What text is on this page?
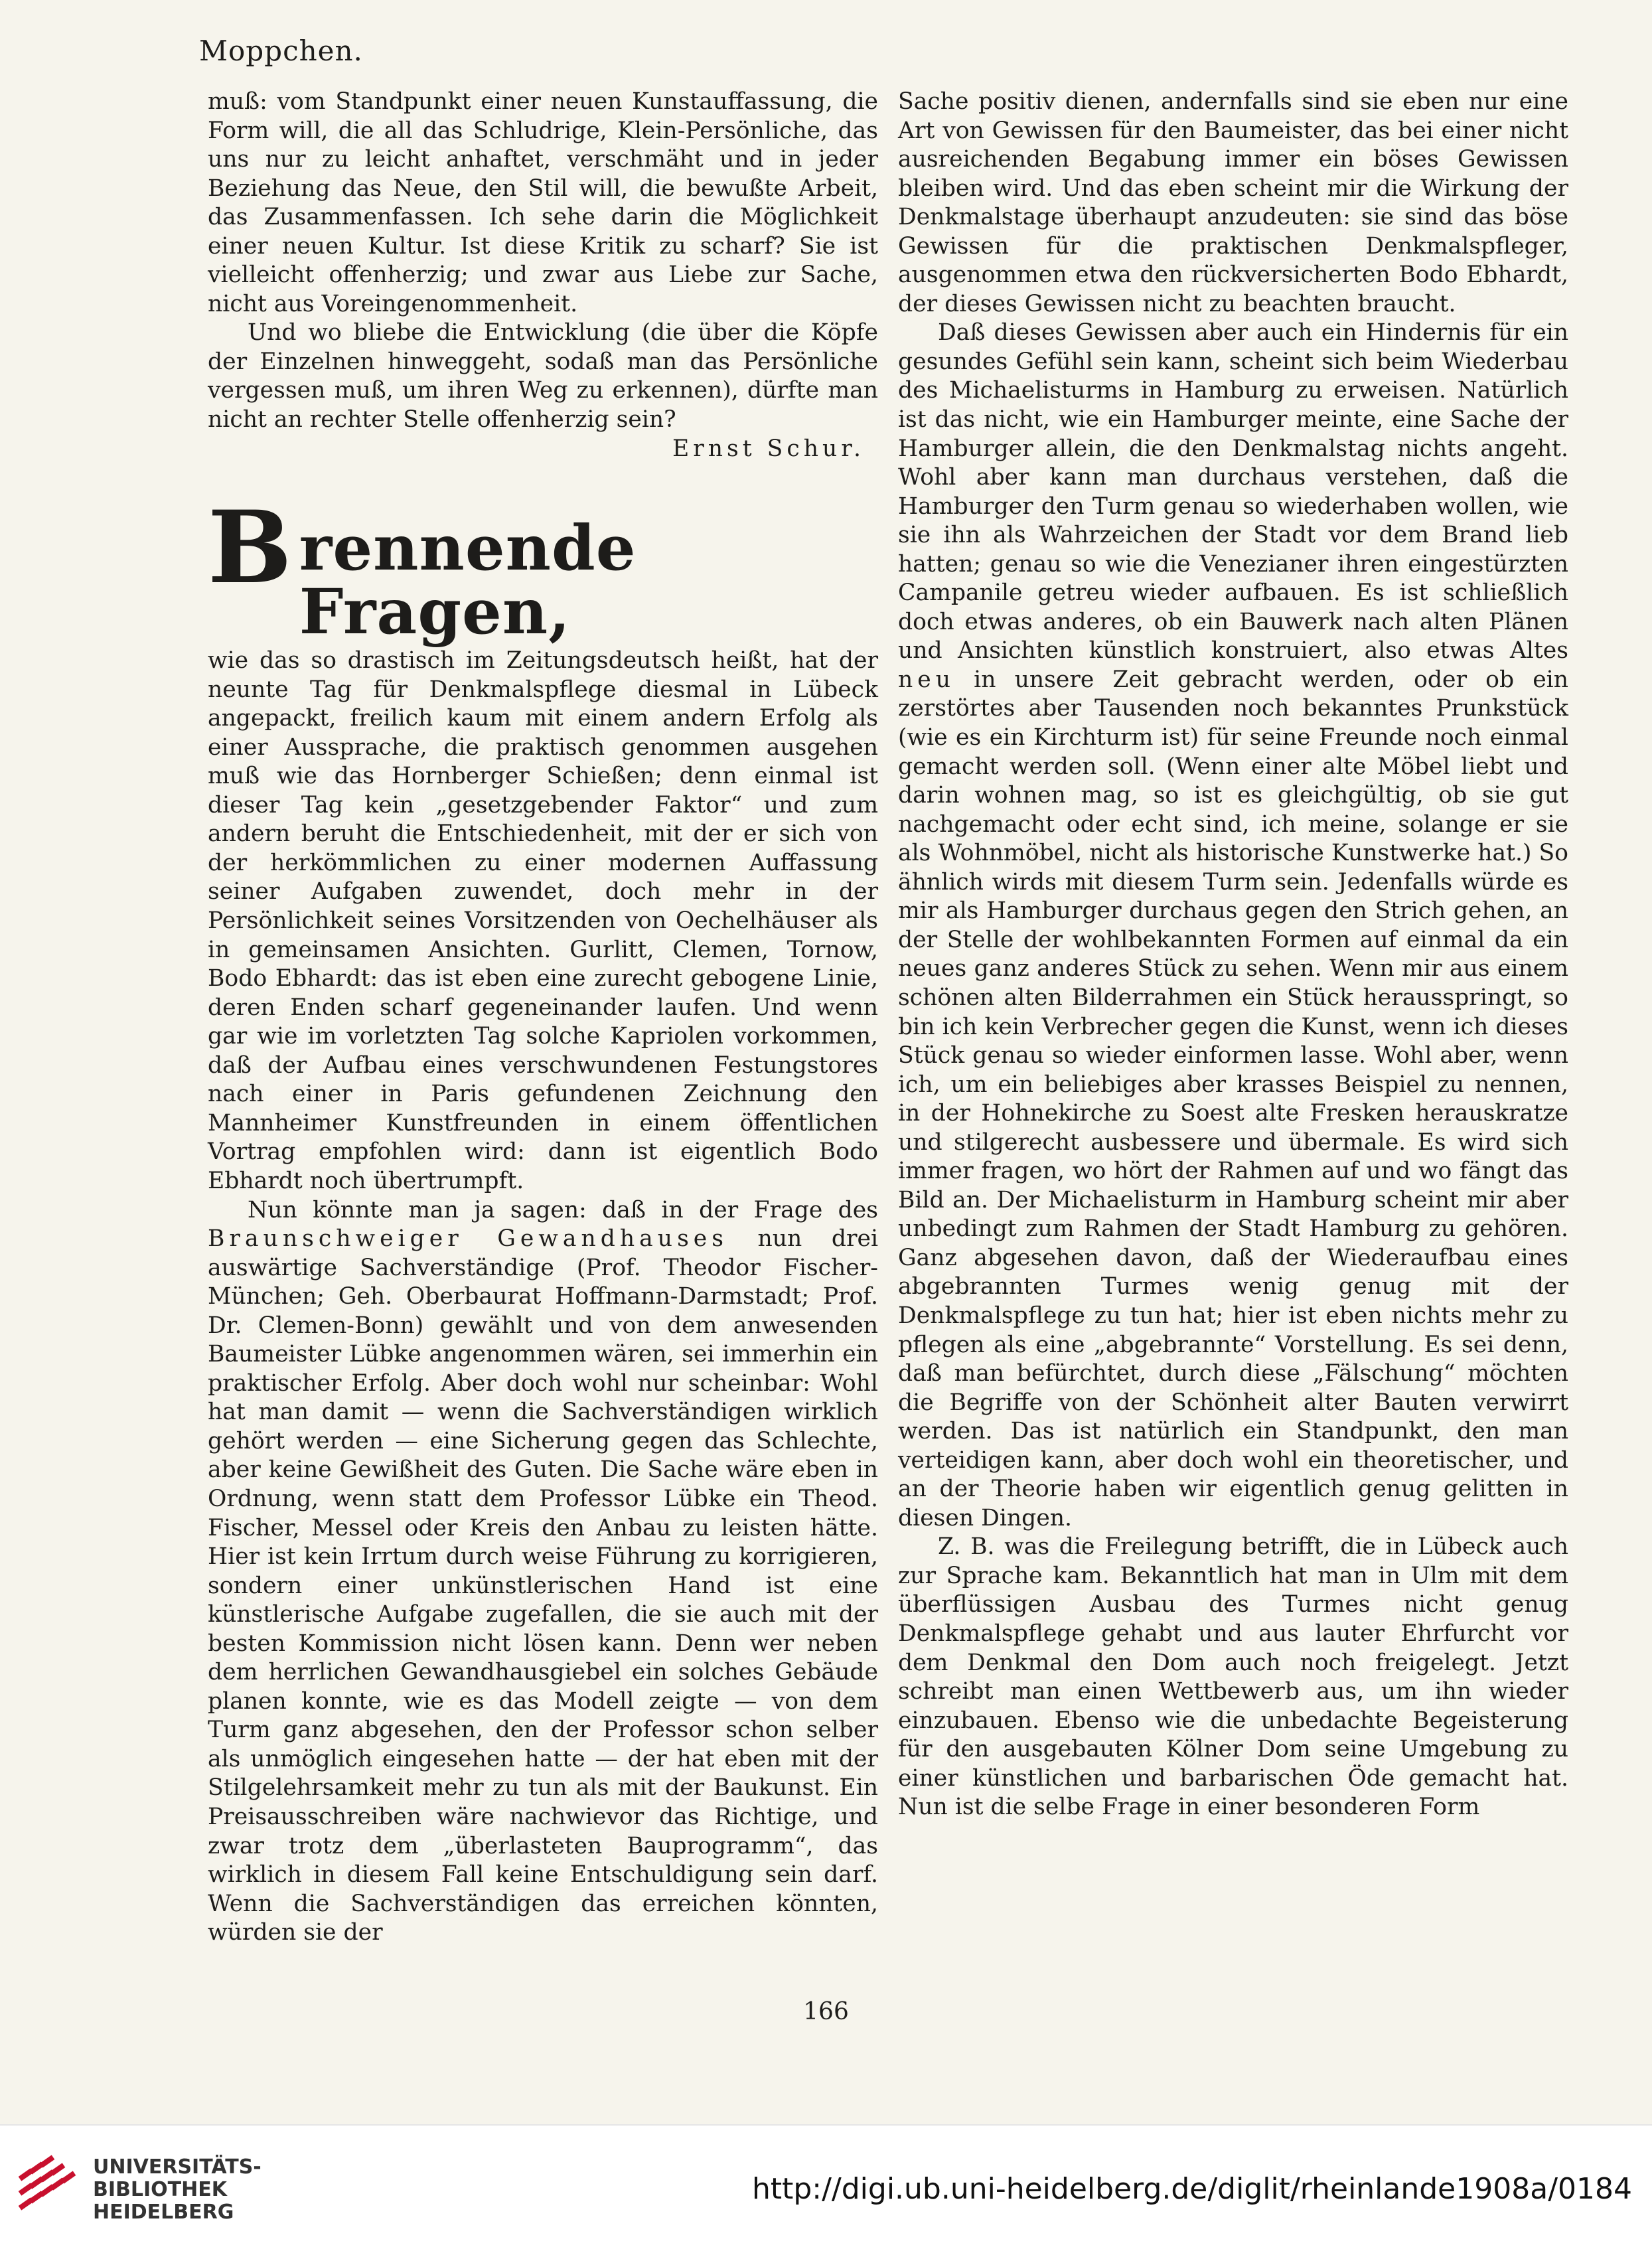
Moppchen.

muß: vom Standpunkt einer neuen Kunstauffassung, die Form will, die all das Schludrige, Klein-Persönliche, das uns nur zu leicht anhaftet, verschmäht und in jeder Beziehung das Neue, den Stil will, die bewußte Arbeit, das Zusammenfassen. Ich sehe darin die Möglichkeit einer neuen Kultur. Ist diese Kritik zu scharf? Sie ist vielleicht offenherzig; und zwar aus Liebe zur Sache, nicht aus Voreingenommenheit.

Und wo bliebe die Entwicklung (die über die Köpfe der Einzelnen hinweggeht, sodaß man das Persönliche vergessen muß, um ihren Weg zu erkennen), dürfte man nicht an rechter Stelle offenherzig sein?

Ernst Schur.

B rennende Fragen,

wie das so drastisch im Zeitungsdeutsch heißt, hat der neunte Tag für Denkmalspflege diesmal in Lübeck angepackt, freilich kaum mit einem andern Erfolg als einer Aussprache, die praktisch genommen ausgehen muß wie das Hornberger Schießen; denn einmal ist dieser Tag kein „gesetzgebender Faktor“ und zum andern beruht die Entschiedenheit, mit der er sich von der herkömmlichen zu einer modernen Auffassung seiner Aufgaben zuwendet, doch mehr in der Persönlichkeit seines Vorsitzenden von Oechelhäuser als in gemeinsamen Ansichten. Gurlitt, Clemen, Tornow, Bodo Ebhardt: das ist eben eine zurecht gebogene Linie, deren Enden scharf gegeneinander laufen. Und wenn gar wie im vorletzten Tag solche Kapriolen vorkommen, daß der Aufbau eines verschwundenen Festungstores nach einer in Paris gefundenen Zeichnung den Mannheimer Kunstfreunden in einem öffentlichen Vortrag empfohlen wird: dann ist eigentlich Bodo Ebhardt noch übertrumpft.

Nun könnte man ja sagen: daß in der Frage des Braunschweiger Gewandhauses nun drei auswärtige Sachverständige (Prof. Theodor Fischer-München; Geh. Oberbaurat Hoffmann-Darmstadt; Prof. Dr. Clemen-Bonn) gewählt und von dem anwesenden Baumeister Lübke angenommen wären, sei immerhin ein praktischer Erfolg. Aber doch wohl nur scheinbar: Wohl hat man damit — wenn die Sachverständigen wirklich gehört werden — eine Sicherung gegen das Schlechte, aber keine Gewißheit des Guten. Die Sache wäre eben in Ordnung, wenn statt dem Professor Lübke ein Theod. Fischer, Messel oder Kreis den Anbau zu leisten hätte. Hier ist kein Irrtum durch weise Führung zu korrigieren, sondern einer unkünstlerischen Hand ist eine künstlerische Aufgabe zugefallen, die sie auch mit der besten Kommission nicht lösen kann. Denn wer neben dem herrlichen Gewandhausgiebel ein solches Gebäude planen konnte, wie es das Modell zeigte — von dem Turm ganz abgesehen, den der Professor schon selber als unmöglich eingesehen hatte — der hat eben mit der Stilgelehrsamkeit mehr zu tun als mit der Baukunst. Ein Preisausschreiben wäre nachwievor das Richtige, und zwar trotz dem „überlasteten Bauprogramm“, das wirklich in diesem Fall keine Entschuldigung sein darf. Wenn die Sachverständigen das erreichen könnten, würden sie der

Sache positiv dienen, andernfalls sind sie eben nur eine Art von Gewissen für den Baumeister, das bei einer nicht ausreichenden Begabung immer ein böses Gewissen bleiben wird. Und das eben scheint mir die Wirkung der Denkmalstage überhaupt anzudeuten: sie sind das böse Gewissen für die praktischen Denkmalspfleger, ausgenommen etwa den rückversicherten Bodo Ebhardt, der dieses Gewissen nicht zu beachten braucht.

Daß dieses Gewissen aber auch ein Hindernis für ein gesundes Gefühl sein kann, scheint sich beim Wiederbau des Michaelisturms in Hamburg zu erweisen. Natürlich ist das nicht, wie ein Hamburger meinte, eine Sache der Hamburger allein, die den Denkmalstag nichts angeht. Wohl aber kann man durchaus verstehen, daß die Hamburger den Turm genau so wiederhaben wollen, wie sie ihn als Wahrzeichen der Stadt vor dem Brand lieb hatten; genau so wie die Venezianer ihren eingestürzten Campanile getreu wieder aufbauen. Es ist schließlich doch etwas anderes, ob ein Bauwerk nach alten Plänen und Ansichten künstlich konstruiert, also etwas Altes neu in unsere Zeit gebracht werden, oder ob ein zerstörtes aber Tausenden noch bekanntes Prunkstück (wie es ein Kirchturm ist) für seine Freunde noch einmal gemacht werden soll. (Wenn einer alte Möbel liebt und darin wohnen mag, so ist es gleichgültig, ob sie gut nachgemacht oder echt sind, ich meine, solange er sie als Wohnmöbel, nicht als historische Kunstwerke hat.) So ähnlich wirds mit diesem Turm sein. Jedenfalls würde es mir als Hamburger durchaus gegen den Strich gehen, an der Stelle der wohlbekannten Formen auf einmal da ein neues ganz anderes Stück zu sehen. Wenn mir aus einem schönen alten Bilderrahmen ein Stück herausspringt, so bin ich kein Verbrecher gegen die Kunst, wenn ich dieses Stück genau so wieder einformen lasse. Wohl aber, wenn ich, um ein beliebiges aber krasses Beispiel zu nennen, in der Hohnekirche zu Soest alte Fresken herauskratze und stilgerecht ausbessere und übermale. Es wird sich immer fragen, wo hört der Rahmen auf und wo fängt das Bild an. Der Michaelisturm in Hamburg scheint mir aber unbedingt zum Rahmen der Stadt Hamburg zu gehören. Ganz abgesehen davon, daß der Wiederaufbau eines abgebrannten Turmes wenig genug mit der Denkmalspflege zu tun hat; hier ist eben nichts mehr zu pflegen als eine „abgebrannte“ Vorstellung. Es sei denn, daß man befürchtet, durch diese „Fälschung“ möchten die Begriffe von der Schönheit alter Bauten verwirrt werden. Das ist natürlich ein Standpunkt, den man verteidigen kann, aber doch wohl ein theoretischer, und an der Theorie haben wir eigentlich genug gelitten in diesen Dingen.

Z. B. was die Freilegung betrifft, die in Lübeck auch zur Sprache kam. Bekanntlich hat man in Ulm mit dem überflüssigen Ausbau des Turmes nicht genug Denkmalspflege gehabt und aus lauter Ehrfurcht vor dem Denkmal den Dom auch noch freigelegt. Jetzt schreibt man einen Wettbewerb aus, um ihn wieder einzubauen. Ebenso wie die unbedachte Begeisterung für den ausgebauten Kölner Dom seine Umgebung zu einer künstlichen und barbarischen Öde gemacht hat. Nun ist die selbe Frage in einer besonderen Form

166
UNIVERSITÄTS-
BIBLIOTHEK
HEIDELBERG
http://digi.ub.uni-heidelberg.de/diglit/rheinlande1908a/0184
